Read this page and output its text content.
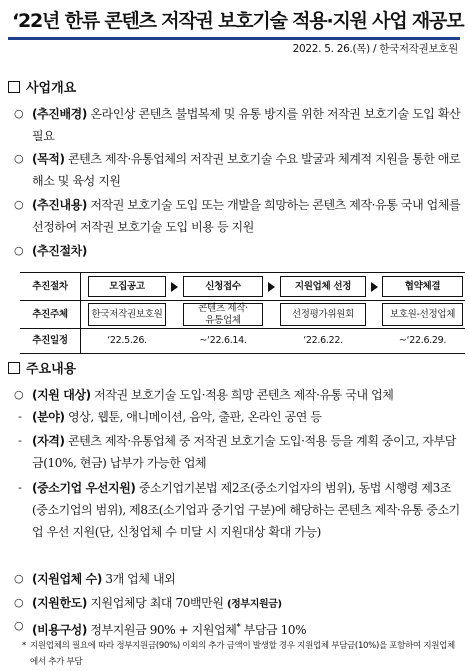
‘22년 한류 콘텐츠 저작권 보호기술 적용·지원 사업 재공모
2022. 5. 26.(목) / 한국저작권보호원
사업개요
○ (추진배경) 온라인상 콘텐츠 불법복제 및 유통 방지를 위한 저작권 보호기술 도입 확산 필요
○ (목적) 콘텐츠 제작·유통업체의 저작권 보호기술 수요 발굴과 체계적 지원을 통한 애로 해소 및 육성 지원
○ (추진내용) 저작권 보호기술 도입 또는 개발을 희망하는 콘텐츠 제작·유통 국내 업체를 선정하여 저작권 보호기술 도입 비용 등 지원
○ (추진절차)
추진절차
추진주체
추진일정
모집공고
한국저작권보호원
‘22.5.26.
신청접수
콘텐츠 제작·
유통업체
~‘22.6.14.
지원업체 선정
선정평가위원회
‘22.6.22.
협약체결
보호원-선정업체
~‘22.6.29.
주요내용
○ (지원 대상) 저작권 보호기술 도입·적용 희망 콘텐츠 제작·유통 국내 업체
- (분야) 영상, 웹툰, 애니메이션, 음악, 출판, 온라인 공연 등
- (자격) 콘텐츠 제작·유통업체 중 저작권 보호기술 도입·적용 등을 계획 중이고, 자부담금(10%, 현금) 납부가 가능한 업체
- (중소기업 우선지원) 중소기업기본법 제2조(중소기업자의 범위), 동법 시행령 제3조(중소기업의 범위), 제8조(소기업과 중기업 구분)에 해당하는 콘텐츠 제작·유통 중소기업 우선 지원(단, 신청업체 수 미달 시 지원대상 확대 가능)
○ (지원업체 수) 3개 업체 내외
○ (지원한도) 지원업체당 최대 70백만원 (정부지원금)
○ (비용구성) 정부지원금 90% + 지원업체* 부담금 10%
* 지원업체의 필요에 따라 정부지원금(90%) 이외의 추가 금액이 발생할 경우 지원업체 부담금(10%)을 포함하여 지원업체에서 추가 부담
